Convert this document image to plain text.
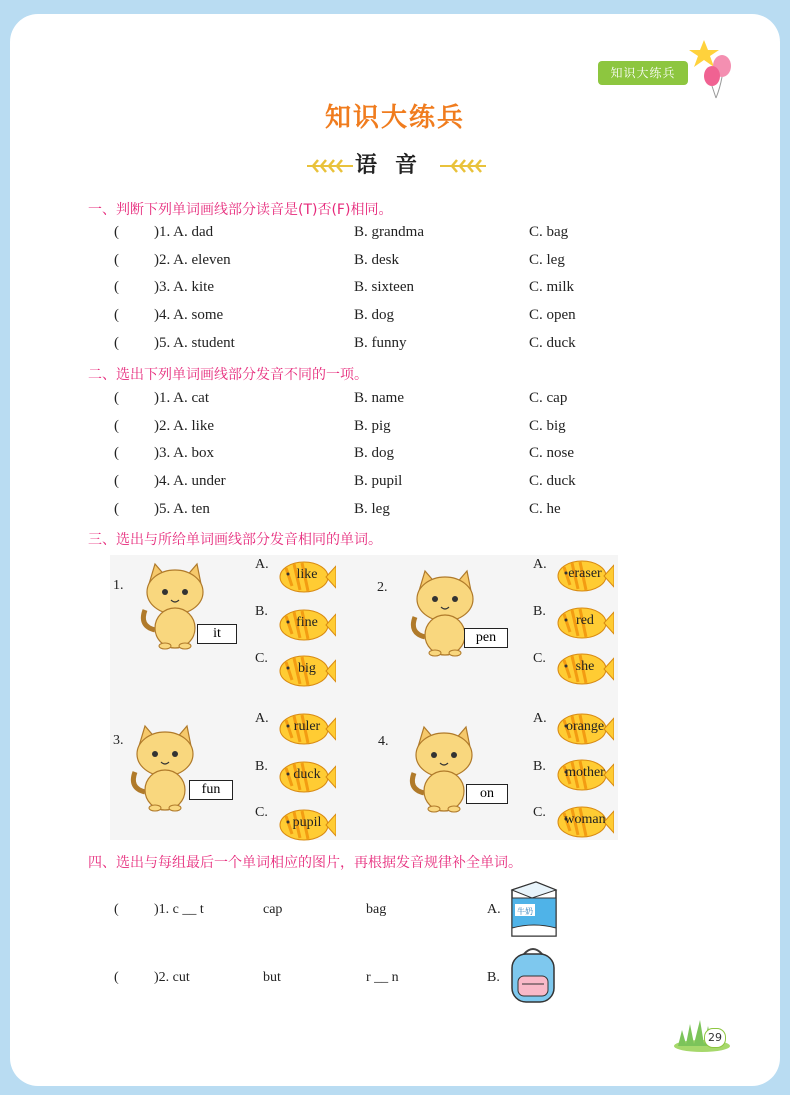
知识大练兵
知识大练兵
语音
一、判断下列单词画线部分读音是(T)否(F)相同。
( )1. A. dad	B. grandma	C. bag
( )2. A. eleven	B. desk	C. leg
( )3. A. kite	B. sixteen	C. milk
( )4. A. some	B. dog	C. open
( )5. A. student	B. funny	C. duck
二、选出下列单词画线部分发音不同的一项。
( )1. A. cat	B. name	C. cap
( )2. A. like	B. pig	C. big
( )3. A. box	B. dog	C. nose
( )4. A. under	B. pupil	C. duck
( )5. A. ten	B. leg	C. he
三、选出与所给单词画线部分发音相同的单词。
1.
it
A.
like
B.
fine
C.
big
2.
pen
A.
eraser
B.
red
C.
she
3.
fun
A.
ruler
B.
duck
C.
pupil
4.
on
A.
orange
B.	mother
C.	woman
四、选出与每组最后一个单词相应的图片，再根据发音规律补全单词。
(	)1. c __ t	cap	bag	A. 牛奶
(	)2. cut	but	r __ n	B.
29
